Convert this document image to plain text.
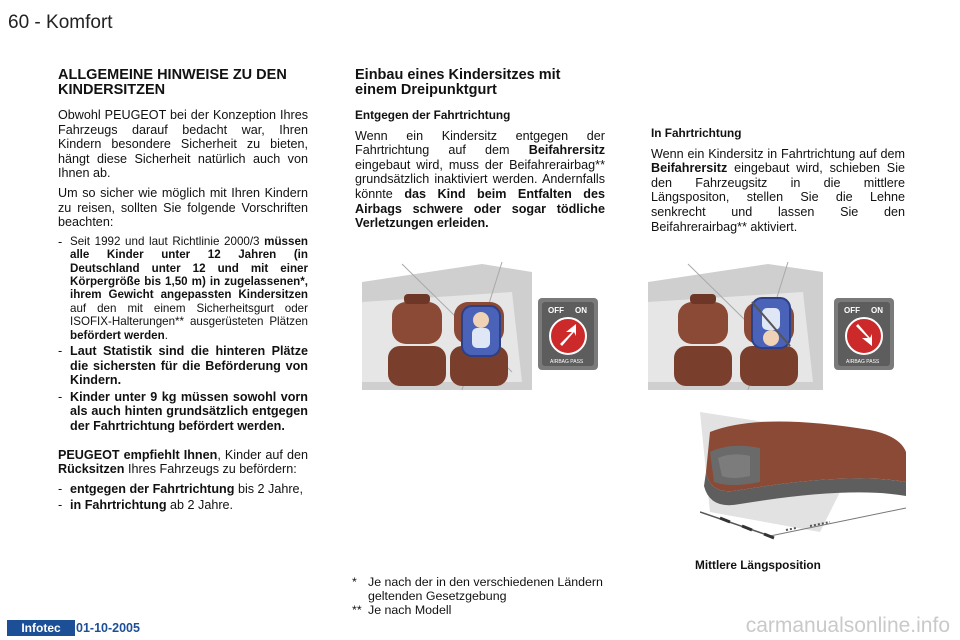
60 - Komfort
ALLGEMEINE HINWEISE ZU DEN KINDERSITZEN

Obwohl PEUGEOT bei der Konzeption Ihres Fahrzeugs darauf bedacht war, Ihren Kindern besondere Sicherheit zu bieten, hängt diese Sicherheit natürlich auch von Ihnen ab.

Um so sicher wie möglich mit Ihren Kindern zu reisen, sollten Sie folgende Vorschriften beachten:

- Seit 1992 und laut Richtlinie 2000/3 müssen alle Kinder unter 12 Jahren (in Deutschland unter 12 und mit einer Körpergröße bis 1,50 m) in zugelassenen*, ihrem Gewicht angepassten Kindersitzen auf den mit einem Sicherheitsgurt oder ISOFIX-Halterungen** ausgerüsteten Plätzen befördert werden.
- Laut Statistik sind die hinteren Plätze die sichersten für die Beförderung von Kindern.
- Kinder unter 9 kg müssen sowohl vorn als auch hinten grundsätzlich entgegen der Fahrtrichtung befördert werden.

PEUGEOT empfiehlt Ihnen, Kinder auf den Rücksitzen Ihres Fahrzeugs zu befördern:

- entgegen der Fahrtrichtung bis 2 Jahre,
- in Fahrtrichtung ab 2 Jahre.
Einbau eines Kindersitzes mit einem Dreipunktgurt
Entgegen der Fahrtrichtung

Wenn ein Kindersitz entgegen der Fahrtrichtung auf dem Beifahrersitz eingebaut wird, muss der Beifahrerairbag** grundsätzlich inaktiviert werden. Andernfalls könnte das Kind beim Entfalten des Airbags schwere oder sogar tödliche Verletzungen erleiden.

In Fahrtrichtung

Wenn ein Kindersitz in Fahrtrichtung auf dem Beifahrersitz eingebaut wird, schieben Sie den Fahrzeugsitz in die mittlere Längspositon, stellen Sie die Lehne senkrecht und lassen Sie den Beifahrerairbag** aktiviert.

OFF ON
AIRBAG PASS
OFF ON
AIRBAG PASS
Mittlere Längsposition
* Je nach der in den verschiedenen Ländern geltenden Gesetzgebung
** Je nach Modell
Infotec	01-10-2005	carmanualsonline.info
